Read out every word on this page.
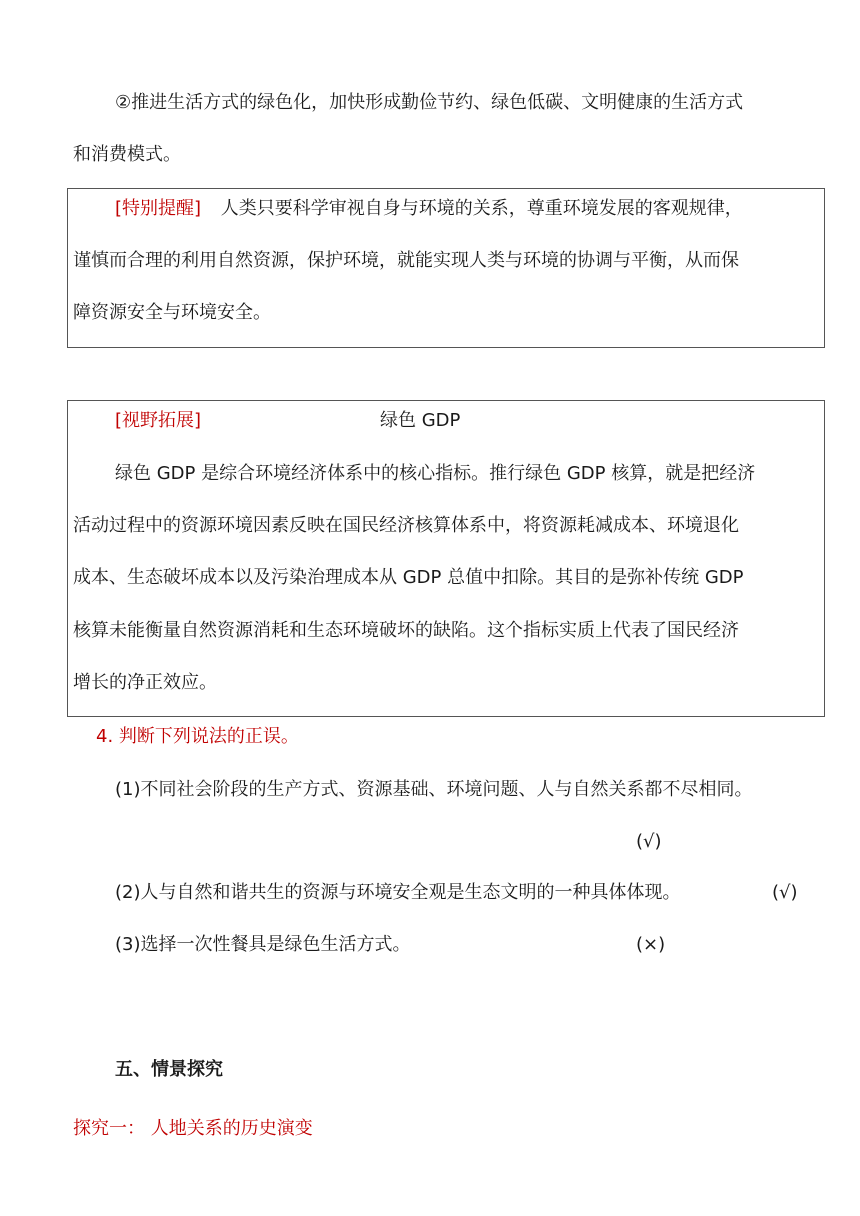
②推进生活方式的绿色化，加快形成勤俭节约、绿色低碳、文明健康的生活方式
和消费模式。
[特别提醒] 人类只要科学审视自身与环境的关系，尊重环境发展的客观规律，
谨慎而合理的利用自然资源，保护环境，就能实现人类与环境的协调与平衡，从而保
障资源安全与环境安全。
[视野拓展]	绿色 GDP
绿色 GDP 是综合环境经济体系中的核心指标。推行绿色 GDP 核算，就是把经济
活动过程中的资源环境因素反映在国民经济核算体系中，将资源耗减成本、环境退化
成本、生态破坏成本以及污染治理成本从 GDP 总值中扣除。其目的是弥补传统 GDP
核算未能衡量自然资源消耗和生态环境破坏的缺陷。这个指标实质上代表了国民经济
增长的净正效应。
4. 判断下列说法的正误。
(1)不同社会阶段的生产方式、资源基础、环境问题、人与自然关系都不尽相同。
(√)
(2)人与自然和谐共生的资源与环境安全观是生态文明的一种具体体现。	(√)
(3)选择一次性餐具是绿色生活方式。	(×)
五、情景探究
探究一： 人地关系的历史演变
